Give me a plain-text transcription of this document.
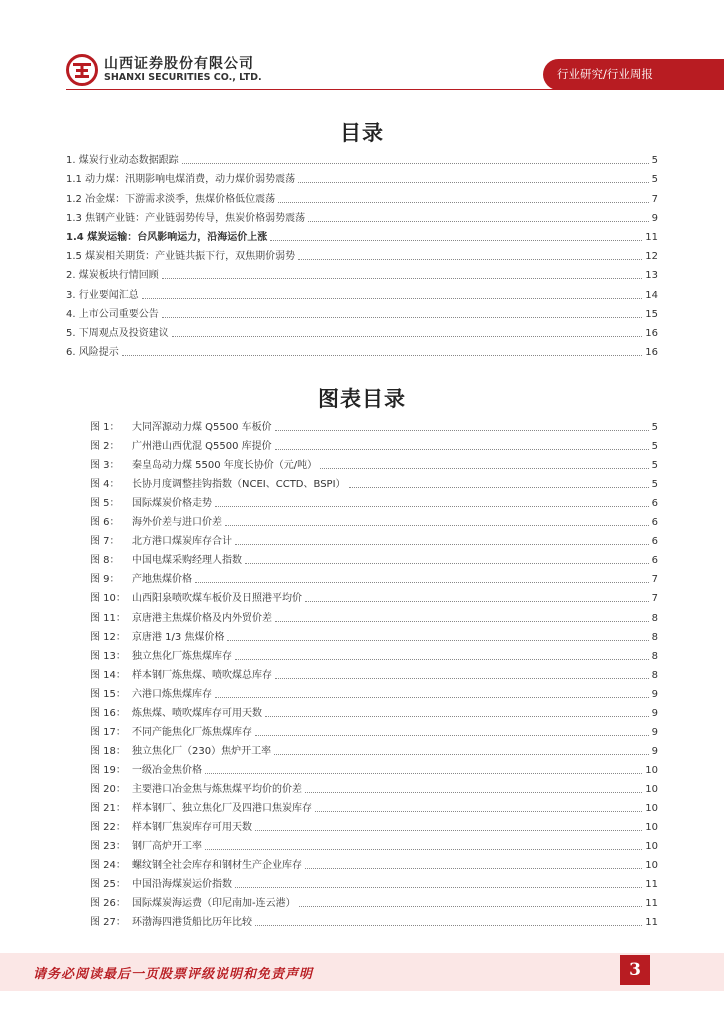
山西证券股份有限公司
SHANXI SECURITIES CO., LTD.	行业研究/行业周报
目录
1. 煤炭行业动态数据跟踪	5
1.1 动力煤：汛期影响电煤消费，动力煤价弱势震荡	5
1.2 冶金煤：下游需求淡季，焦煤价格低位震荡	7
1.3 焦钢产业链：产业链弱势传导，焦炭价格弱势震荡	9
1.4 煤炭运输：台风影响运力，沿海运价上涨	11
1.5 煤炭相关期货：产业链共振下行，双焦期价弱势	12
2. 煤炭板块行情回顾	13
3. 行业要闻汇总	14
4. 上市公司重要公告	15
5. 下周观点及投资建议	16
6. 风险提示	16
图表目录
图 1： 大同浑源动力煤 Q5500 车板价	5
图 2： 广州港山西优混 Q5500 库提价	5
图 3： 秦皇岛动力煤 5500 年度长协价（元/吨）	5
图 4： 长协月度调整挂钩指数（NCEI、CCTD、BSPI）	5
图 5： 国际煤炭价格走势	6
图 6： 海外价差与进口价差	6
图 7： 北方港口煤炭库存合计	6
图 8： 中国电煤采购经理人指数	6
图 9： 产地焦煤价格	7
图 10： 山西阳泉喷吹煤车板价及日照港平均价	7
图 11： 京唐港主焦煤价格及内外贸价差	8
图 12： 京唐港 1/3 焦煤价格	8
图 13： 独立焦化厂炼焦煤库存	8
图 14： 样本钢厂炼焦煤、喷吹煤总库存	8
图 15： 六港口炼焦煤库存	9
图 16： 炼焦煤、喷吹煤库存可用天数	9
图 17： 不同产能焦化厂炼焦煤库存	9
图 18： 独立焦化厂（230）焦炉开工率	9
图 19： 一级冶金焦价格	10
图 20： 主要港口冶金焦与炼焦煤平均价的价差	10
图 21： 样本钢厂、独立焦化厂及四港口焦炭库存	10
图 22： 样本钢厂焦炭库存可用天数	10
图 23： 钢厂高炉开工率	10
图 24： 螺纹钢全社会库存和钢材生产企业库存	10
图 25： 中国沿海煤炭运价指数	11
图 26： 国际煤炭海运费（印尼南加-连云港）	11
图 27： 环渤海四港货船比历年比较	11
请务必阅读最后一页股票评级说明和免责声明	3
